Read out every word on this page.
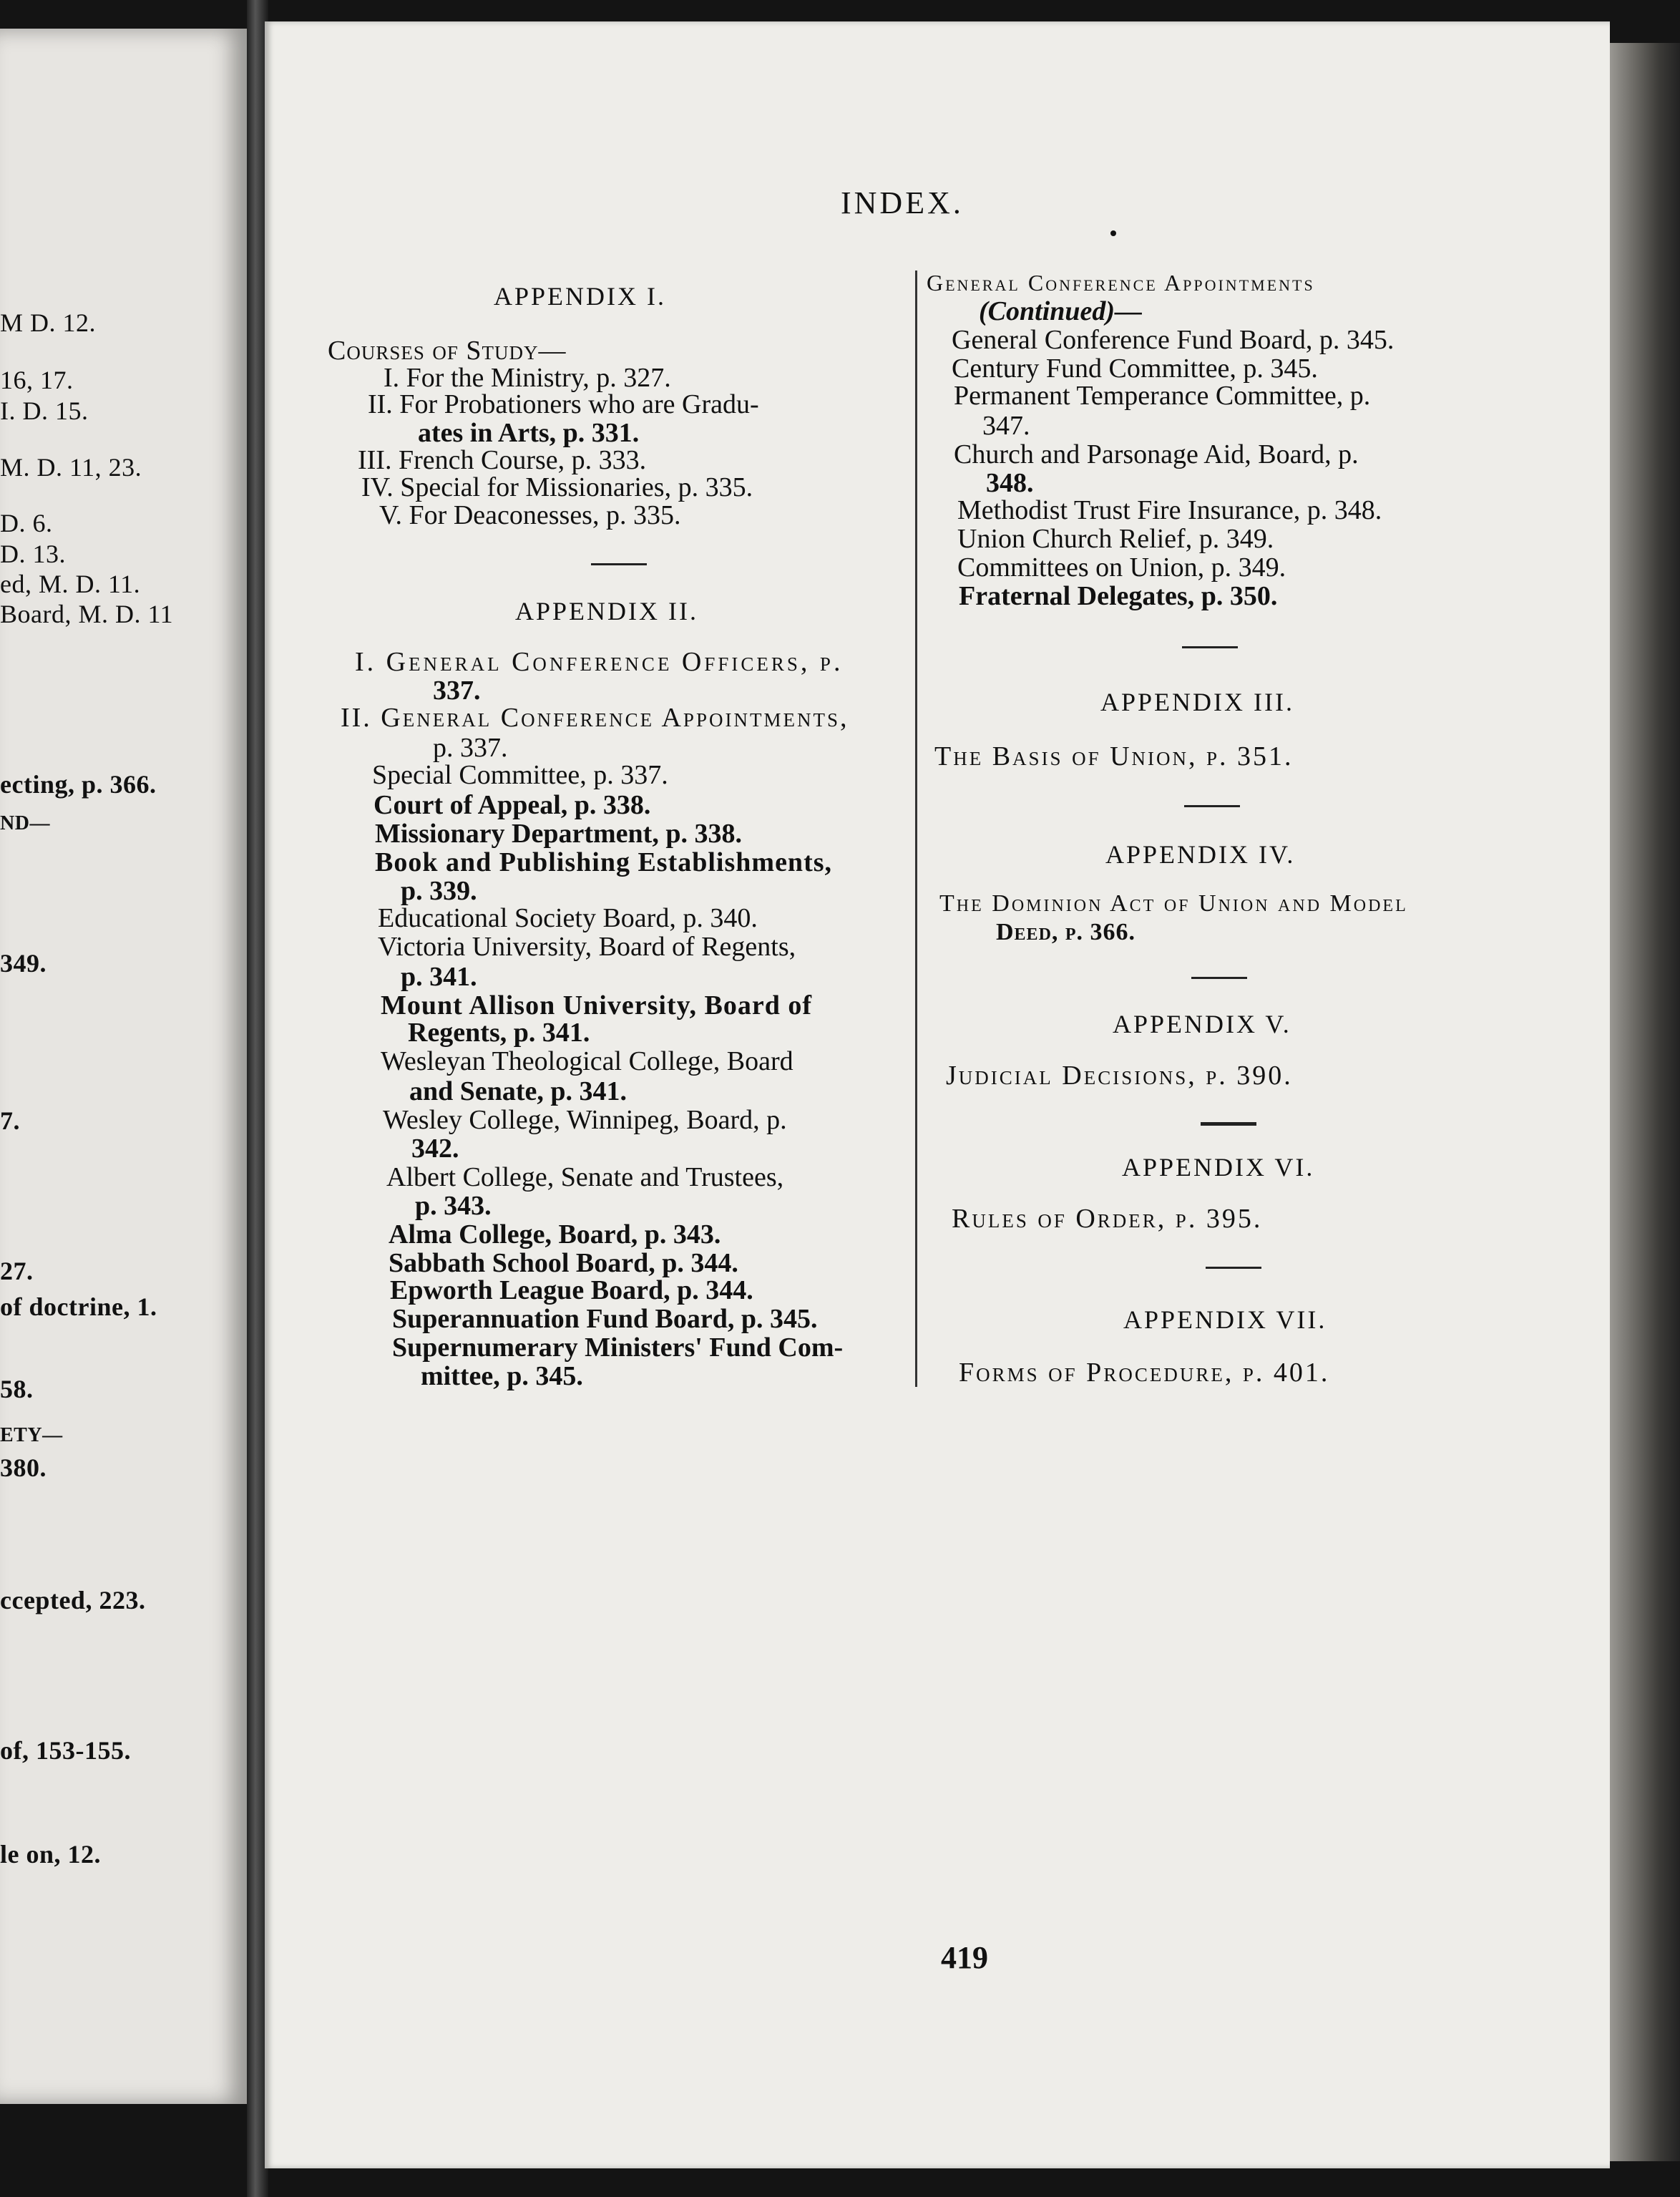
M D. 12.
16, 17.
I. D. 15.
M. D. 11, 23.
D. 6.
D. 13.
ed, M. D. 11.
Board, M. D. 11
ecting, p. 366.
ND—
349.
7.
27.
of doctrine, 1.
58.
ETY—
380.
ccepted, 223.
of, 153-155.
le on, 12.
INDEX.
APPENDIX I.
Courses of Study—
I. For the Ministry, p. 327.
II. For Probationers who are Gradu-
ates in Arts, p. 331.
III. French Course, p. 333.
IV. Special for Missionaries, p. 335.
V. For Deaconesses, p. 335.
APPENDIX II.
I. General Conference Officers, p.
337.
II. General Conference Appointments,
p. 337.
Special Committee, p. 337.
Court of Appeal, p. 338.
Missionary Department, p. 338.
Book and Publishing Establishments,
p. 339.
Educational Society Board, p. 340.
Victoria University, Board of Regents,
p. 341.
Mount Allison University, Board of
Regents, p. 341.
Wesleyan Theological College, Board
and Senate, p. 341.
Wesley College, Winnipeg, Board, p.
342.
Albert College, Senate and Trustees,
p. 343.
Alma College, Board, p. 343.
Sabbath School Board, p. 344.
Epworth League Board, p. 344.
Superannuation Fund Board, p. 345.
Supernumerary Ministers' Fund Com-
mittee, p. 345.
General Conference Appointments
(Continued)—
General Conference Fund Board, p. 345.
Century Fund Committee, p. 345.
Permanent Temperance Committee, p.
347.
Church and Parsonage Aid, Board, p.
348.
Methodist Trust Fire Insurance, p. 348.
Union Church Relief, p. 349.
Committees on Union, p. 349.
Fraternal Delegates, p. 350.
APPENDIX III.
The Basis of Union, p. 351.
APPENDIX IV.
The Dominion Act of Union and Model
Deed, p. 366.
APPENDIX V.
Judicial Decisions, p. 390.
APPENDIX VI.
Rules of Order, p. 395.
APPENDIX VII.
Forms of Procedure, p. 401.
419
